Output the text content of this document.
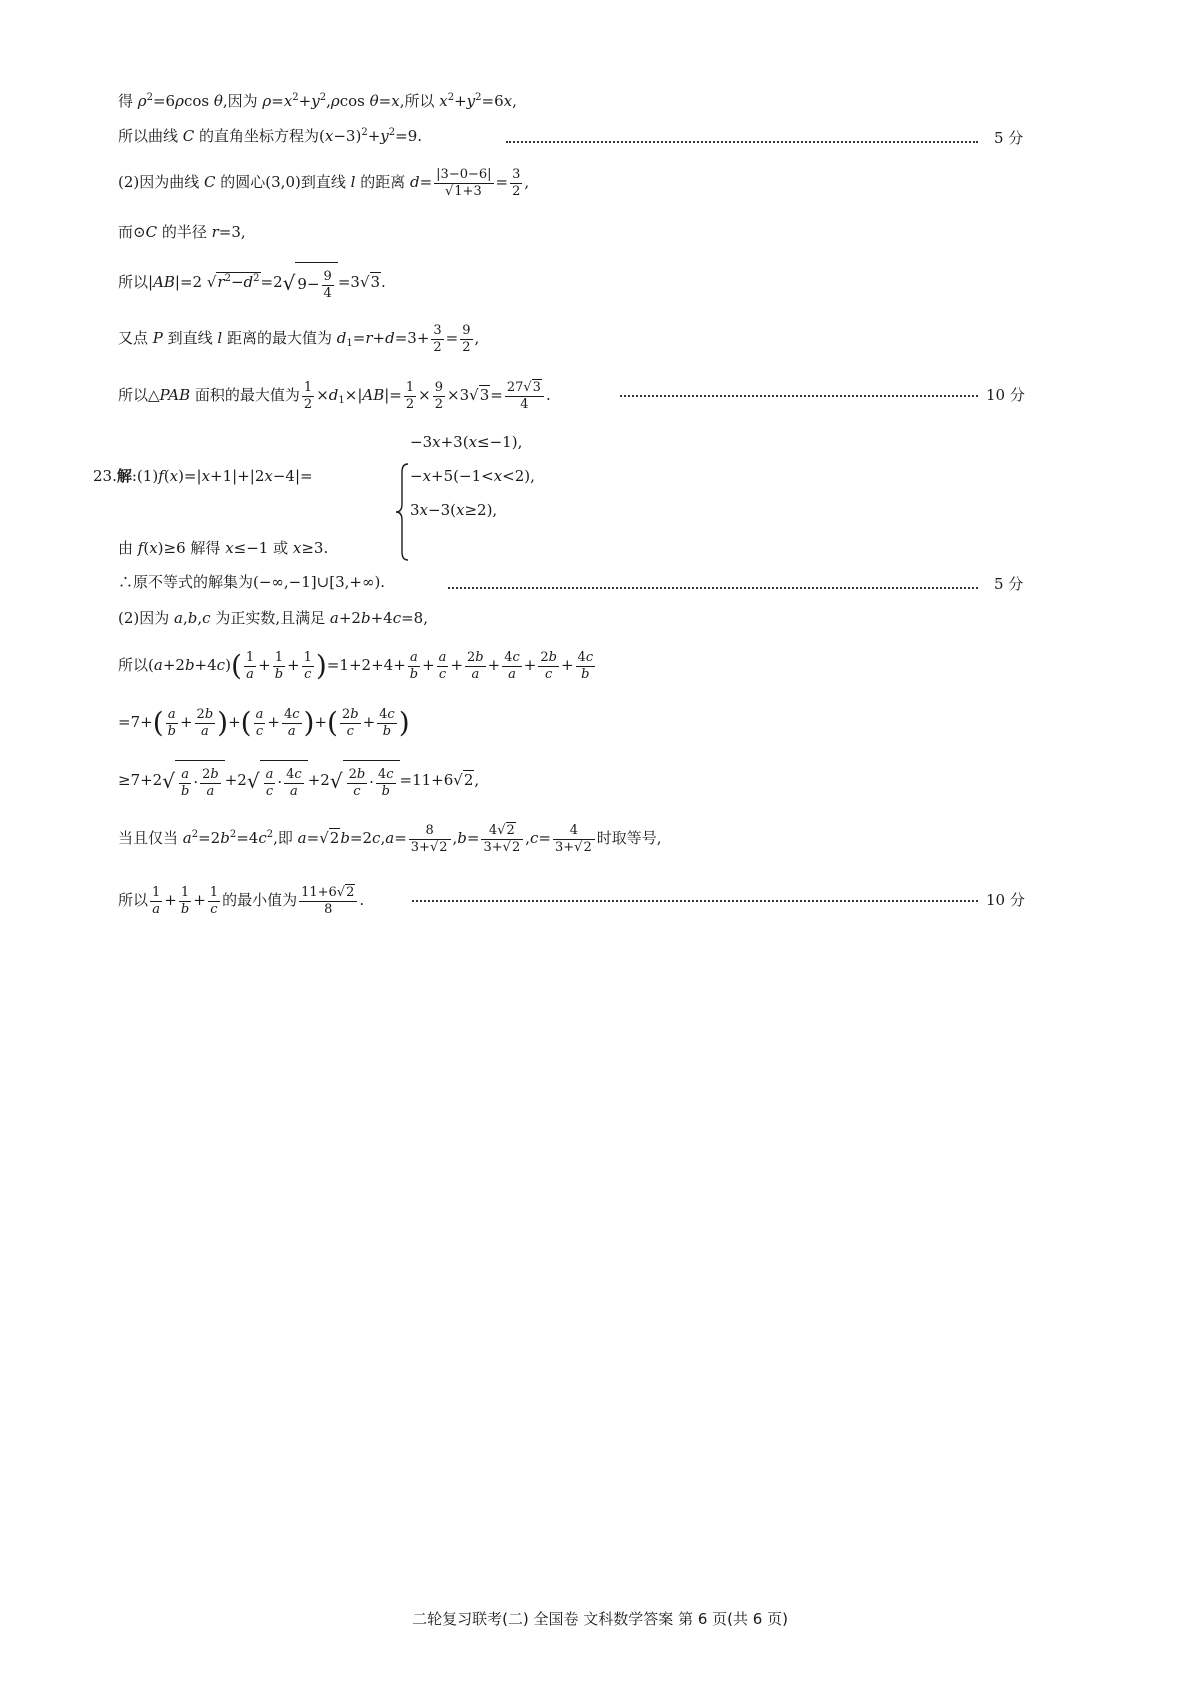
得 $\rho^2=6\rho\cos$ θ,因为 $\rho=x^2+y^2,\rho\cos$ θ=x,所以 $x^2+y^2=6x$,
所以曲线 C 的直角坐标方程为$(x-3)^2+y^2=9$.	5 分
(2)因为曲线 C 的圆心(3,0)到直线 l 的距离 $d= \frac{|3-0-6|}{√1+3} = \frac{3}{2}$ ,
而⊙C 的半径 r=3,
所以|AB|=2 $√r^2-d^2=2√$ $9- \frac{9}{4} =3√3$.
又点 P 到直线 l 距离的最大值为 $d_1=r+d=3+ \frac{3}{2} = \frac{9}{2}$ ,
所以△PAB 面积的最大值为 $\frac{1}{2} \times d_1\times|AB|= \frac{1}{2} \times \frac{9}{2} \times 3√3= \frac{27√3}{4}$ .	10 分
23.解:(1)f(x)=|x+1|+|2x−4|=
−3x+3(x≤−1),
−x+5(−1<x<2),
3x−3(x≥2),
由 f(x)≥6 解得 x≤−1 或 x≥3.
∴原不等式的解集为(−∞,−1]∪[3,+∞).	5 分
(2)因为 a,b,c 为正实数,且满足 a+2b+4c=8,
所以$(a+2b+4c)( \frac{1}{a} + \frac{1}{b} + \frac{1}{c} )=1+2+4+ \frac{a}{b} + \frac{a}{c} + \frac{2b}{a} + \frac{4c}{a} + \frac{2b}{c} + \frac{4c}{b}$
$=7+( \frac{a}{b} + \frac{2b}{a}$ )+( $\frac{a}{c} + \frac{4c}{a}$ )+( $\frac{2b}{c} + \frac{4c}{b}$ )
$\ge 7+2√ \frac{a}{b} \cdot \frac{2b}{a} +2√ \frac{a}{c} \cdot \frac{4c}{a} +2√ \frac{2b}{c} \cdot \frac{4c}{b} =11+6√2$,
当且仅当 $a^2=2b^2=4c^2$,即 $a=√2b=2c,a= \frac{8}{3+√2} ,b= \frac{4√2}{3+√2} ,c= \frac{4}{3+√2}$ 时取等号,
所以 $\frac{1}{a} + \frac{1}{b} + \frac{1}{c}$ 的最小值为 $\frac{11+6√2}{8}$ .	10 分
二轮复习联考(二) 全国卷 文科数学答案 第 6 页(共 6 页)
